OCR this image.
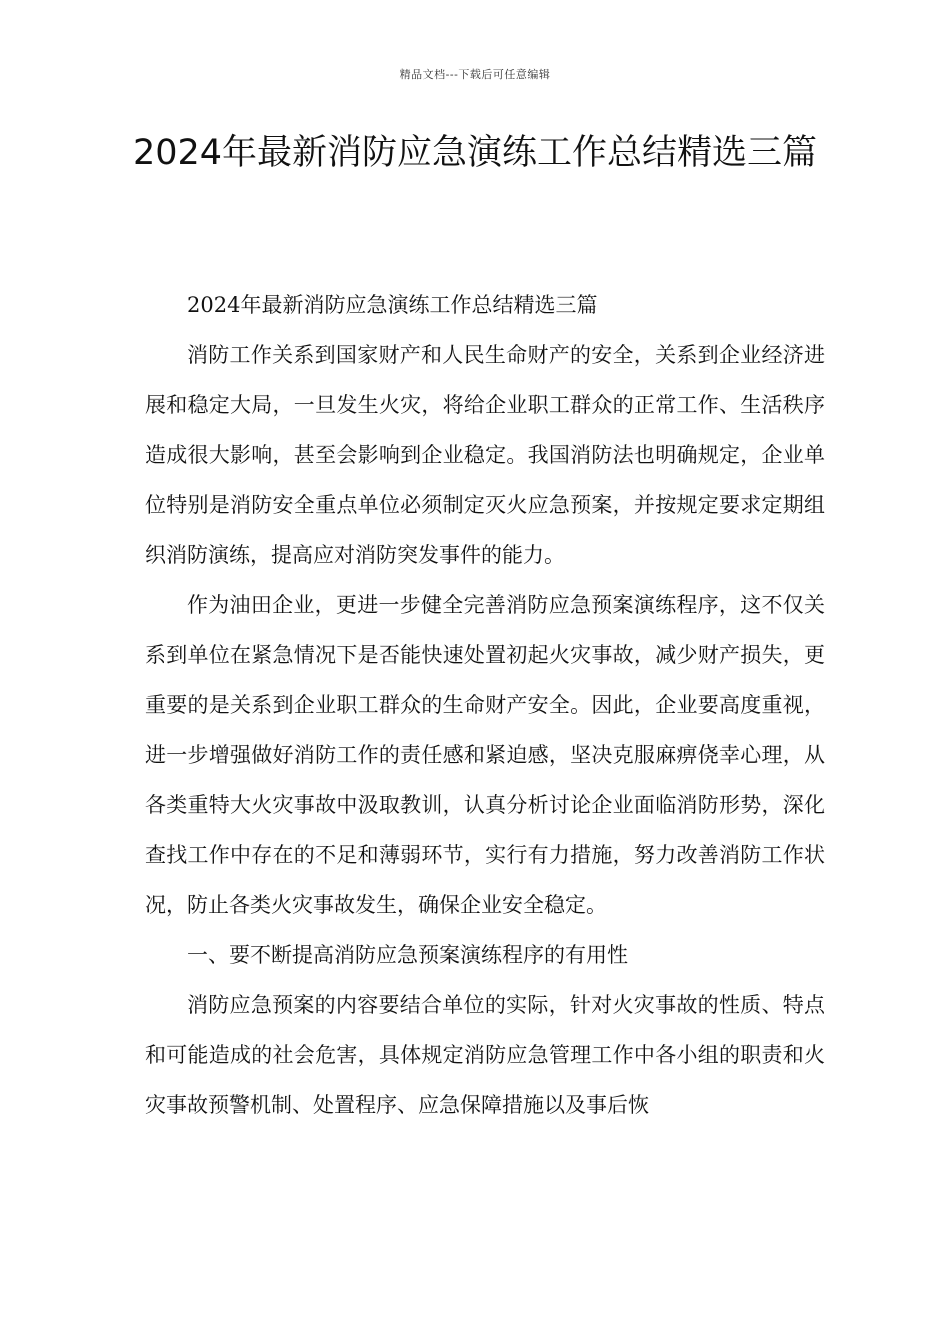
精品文档---下载后可任意编辑
2024年最新消防应急演练工作总结精选三篇

2024年最新消防应急演练工作总结精选三篇

消防工作关系到国家财产和人民生命财产的安全，关系到企业经济进展和稳定大局，一旦发生火灾，将给企业职工群众的正常工作、生活秩序造成很大影响，甚至会影响到企业稳定。我国消防法也明确规定，企业单位特别是消防安全重点单位必须制定灭火应急预案，并按规定要求定期组织消防演练，提高应对消防突发事件的能力。

作为油田企业，更进一步健全完善消防应急预案演练程序，这不仅关系到单位在紧急情况下是否能快速处置初起火灾事故，减少财产损失，更重要的是关系到企业职工群众的生命财产安全。因此，企业要高度重视，进一步增强做好消防工作的责任感和紧迫感，坚决克服麻痹侥幸心理，从各类重特大火灾事故中汲取教训，认真分析讨论企业面临消防形势，深化查找工作中存在的不足和薄弱环节，实行有力措施，努力改善消防工作状况，防止各类火灾事故发生，确保企业安全稳定。

一、要不断提高消防应急预案演练程序的有用性

消防应急预案的内容要结合单位的实际，针对火灾事故的性质、特点和可能造成的社会危害，具体规定消防应急管理工作中各小组的职责和火灾事故预警机制、处置程序、应急保障措施以及事后恢
